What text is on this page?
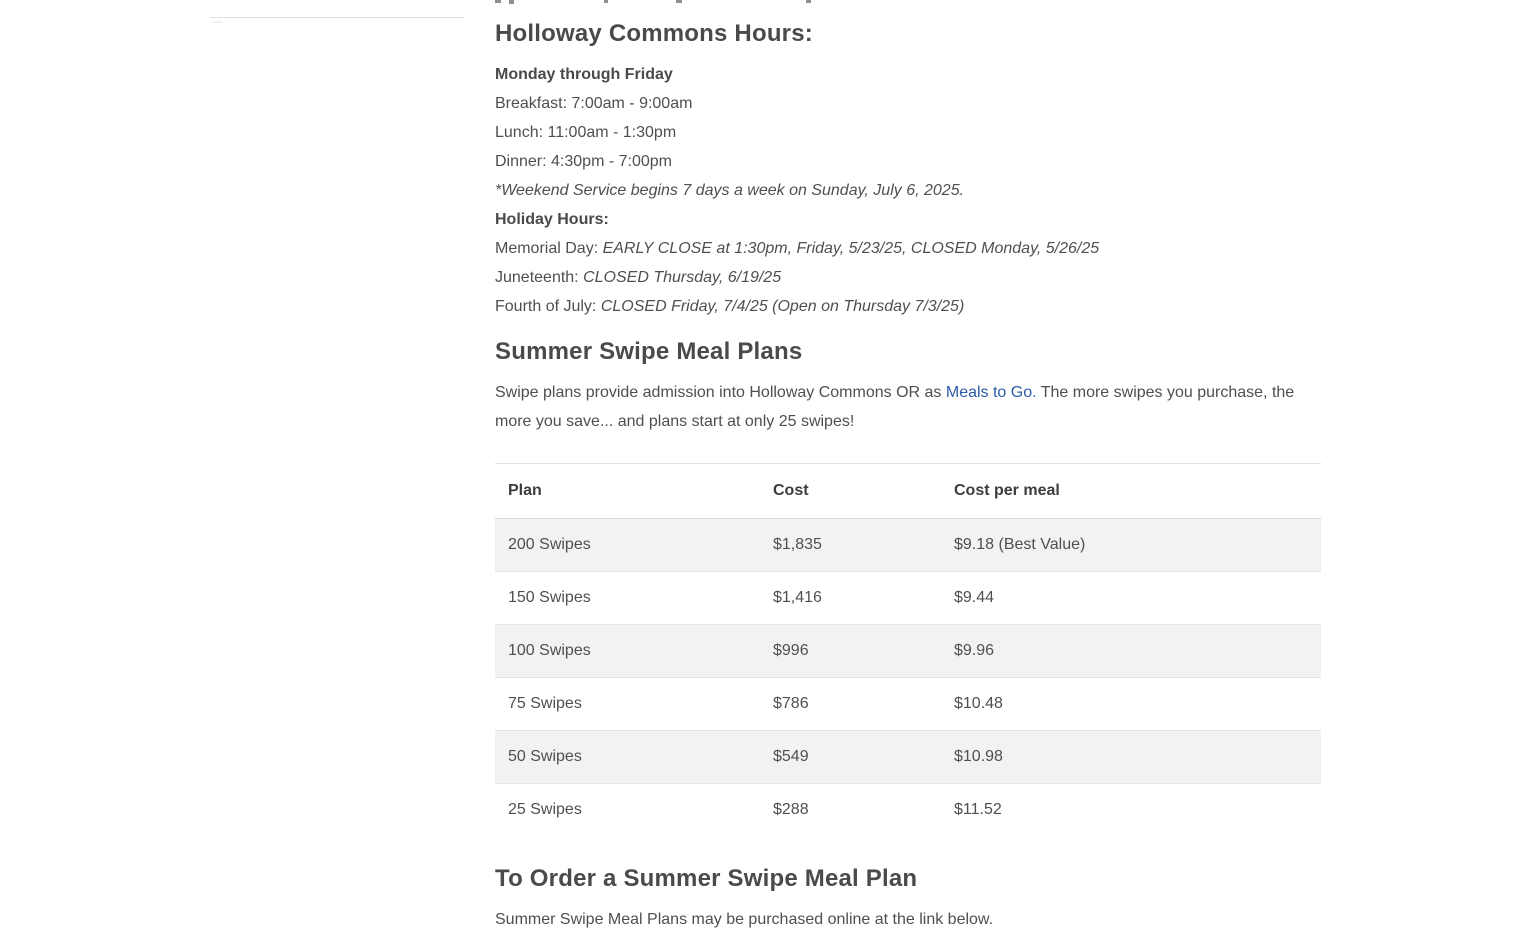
Holloway Commons Hours:

Monday through Friday

Breakfast: 7:00am - 9:00am

Lunch: 11:00am - 1:30pm

Dinner: 4:30pm - 7:00pm

*Weekend Service begins 7 days a week on Sunday, July 6, 2025.

Holiday Hours:

Memorial Day: EARLY CLOSE at 1:30pm, Friday, 5/23/25, CLOSED Monday, 5/26/25

Juneteenth: CLOSED Thursday, 6/19/25

Fourth of July: CLOSED Friday, 7/4/25 (Open on Thursday 7/3/25)

Summer Swipe Meal Plans

Swipe plans provide admission into Holloway Commons OR as Meals to Go. The more swipes you purchase, the more you save... and plans start at only 25 swipes!

Plan	Cost	Cost per meal
200 Swipes	$1,835	$9.18 (Best Value)
150 Swipes	$1,416	$9.44
100 Swipes	$996	$9.96
75 Swipes	$786	$10.48
50 Swipes	$549	$10.98
25 Swipes	$288	$11.52
To Order a Summer Swipe Meal Plan

Summer Swipe Meal Plans may be purchased online at the link below.
